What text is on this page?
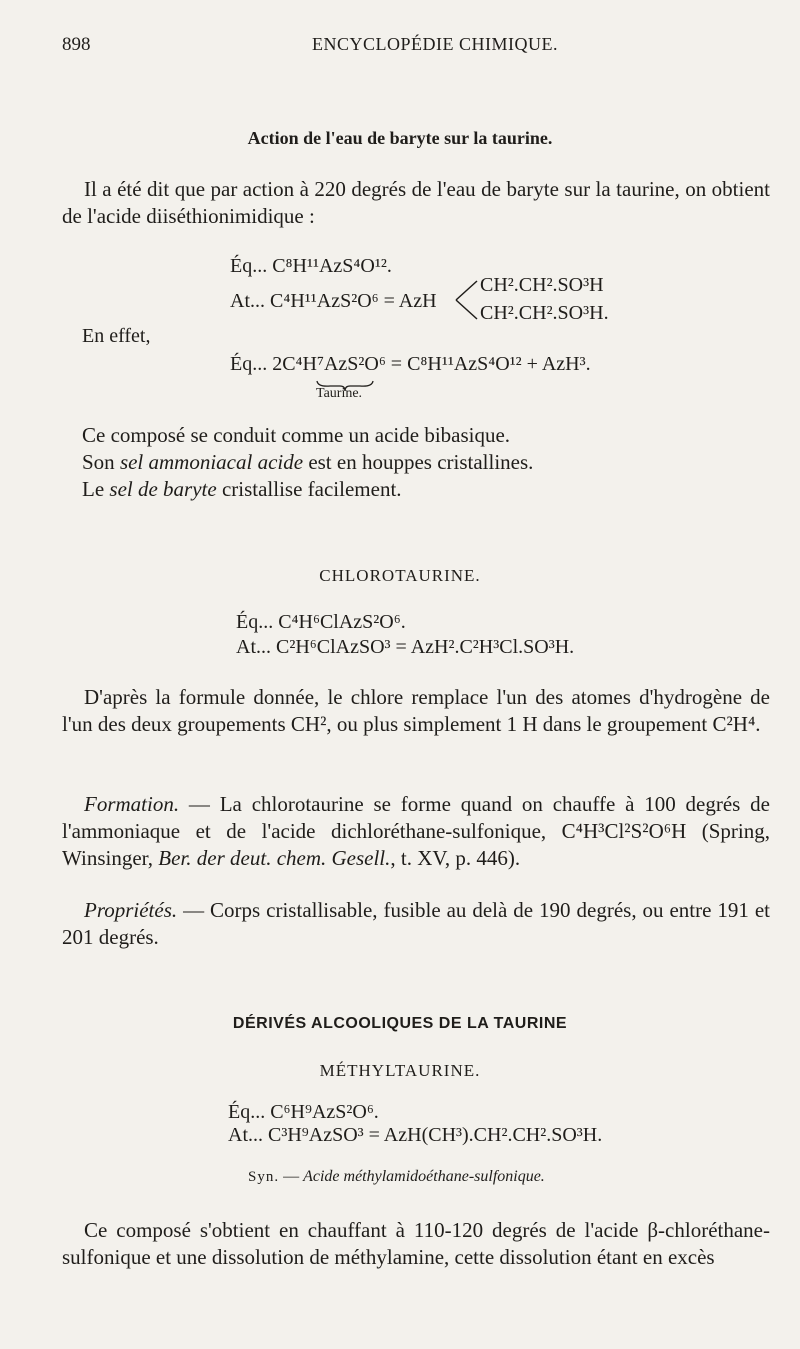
898	ENCYCLOPÉDIE CHIMIQUE.
Action de l'eau de baryte sur la taurine.
Il a été dit que par action à 220 degrés de l'eau de baryte sur la taurine, on obtient de l'acide diiséthionimidique :
Éq... C⁸H¹¹AzS⁴O¹².
At... C⁴H¹¹AzS²O⁶ = AzH
CH².CH².SO³H
CH².CH².SO³H.
En effet,
Éq... 2C⁴H⁷AzS²O⁶ = C⁸H¹¹AzS⁴O¹² + AzH³.
Taurine.
Ce composé se conduit comme un acide bibasique.
Son sel ammoniacal acide est en houppes cristallines.
Le sel de baryte cristallise facilement.
CHLOROTAURINE.
Éq... C⁴H⁶ClAzS²O⁶.
At... C²H⁶ClAzSO³ = AzH².C²H³Cl.SO³H.
D'après la formule donnée, le chlore remplace l'un des atomes d'hydrogène de l'un des deux groupements CH², ou plus simplement 1 H dans le groupement C²H⁴.
Formation. — La chlorotaurine se forme quand on chauffe à 100 degrés de l'ammoniaque et de l'acide dichloréthane-sulfonique, C⁴H³Cl²S²O⁶H (Spring, Winsinger, Ber. der deut. chem. Gesell., t. XV, p. 446).
Propriétés. — Corps cristallisable, fusible au delà de 190 degrés, ou entre 191 et 201 degrés.
DÉRIVÉS ALCOOLIQUES DE LA TAURINE
MÉTHYLTAURINE.
Éq... C⁶H⁹AzS²O⁶.
At... C³H⁹AzSO³ = AzH(CH³).CH².CH².SO³H.
Syn. — Acide méthylamidoéthane-sulfonique.
Ce composé s'obtient en chauffant à 110-120 degrés de l'acide β-chloréthane-sulfonique et une dissolution de méthylamine, cette dissolution étant en excès
